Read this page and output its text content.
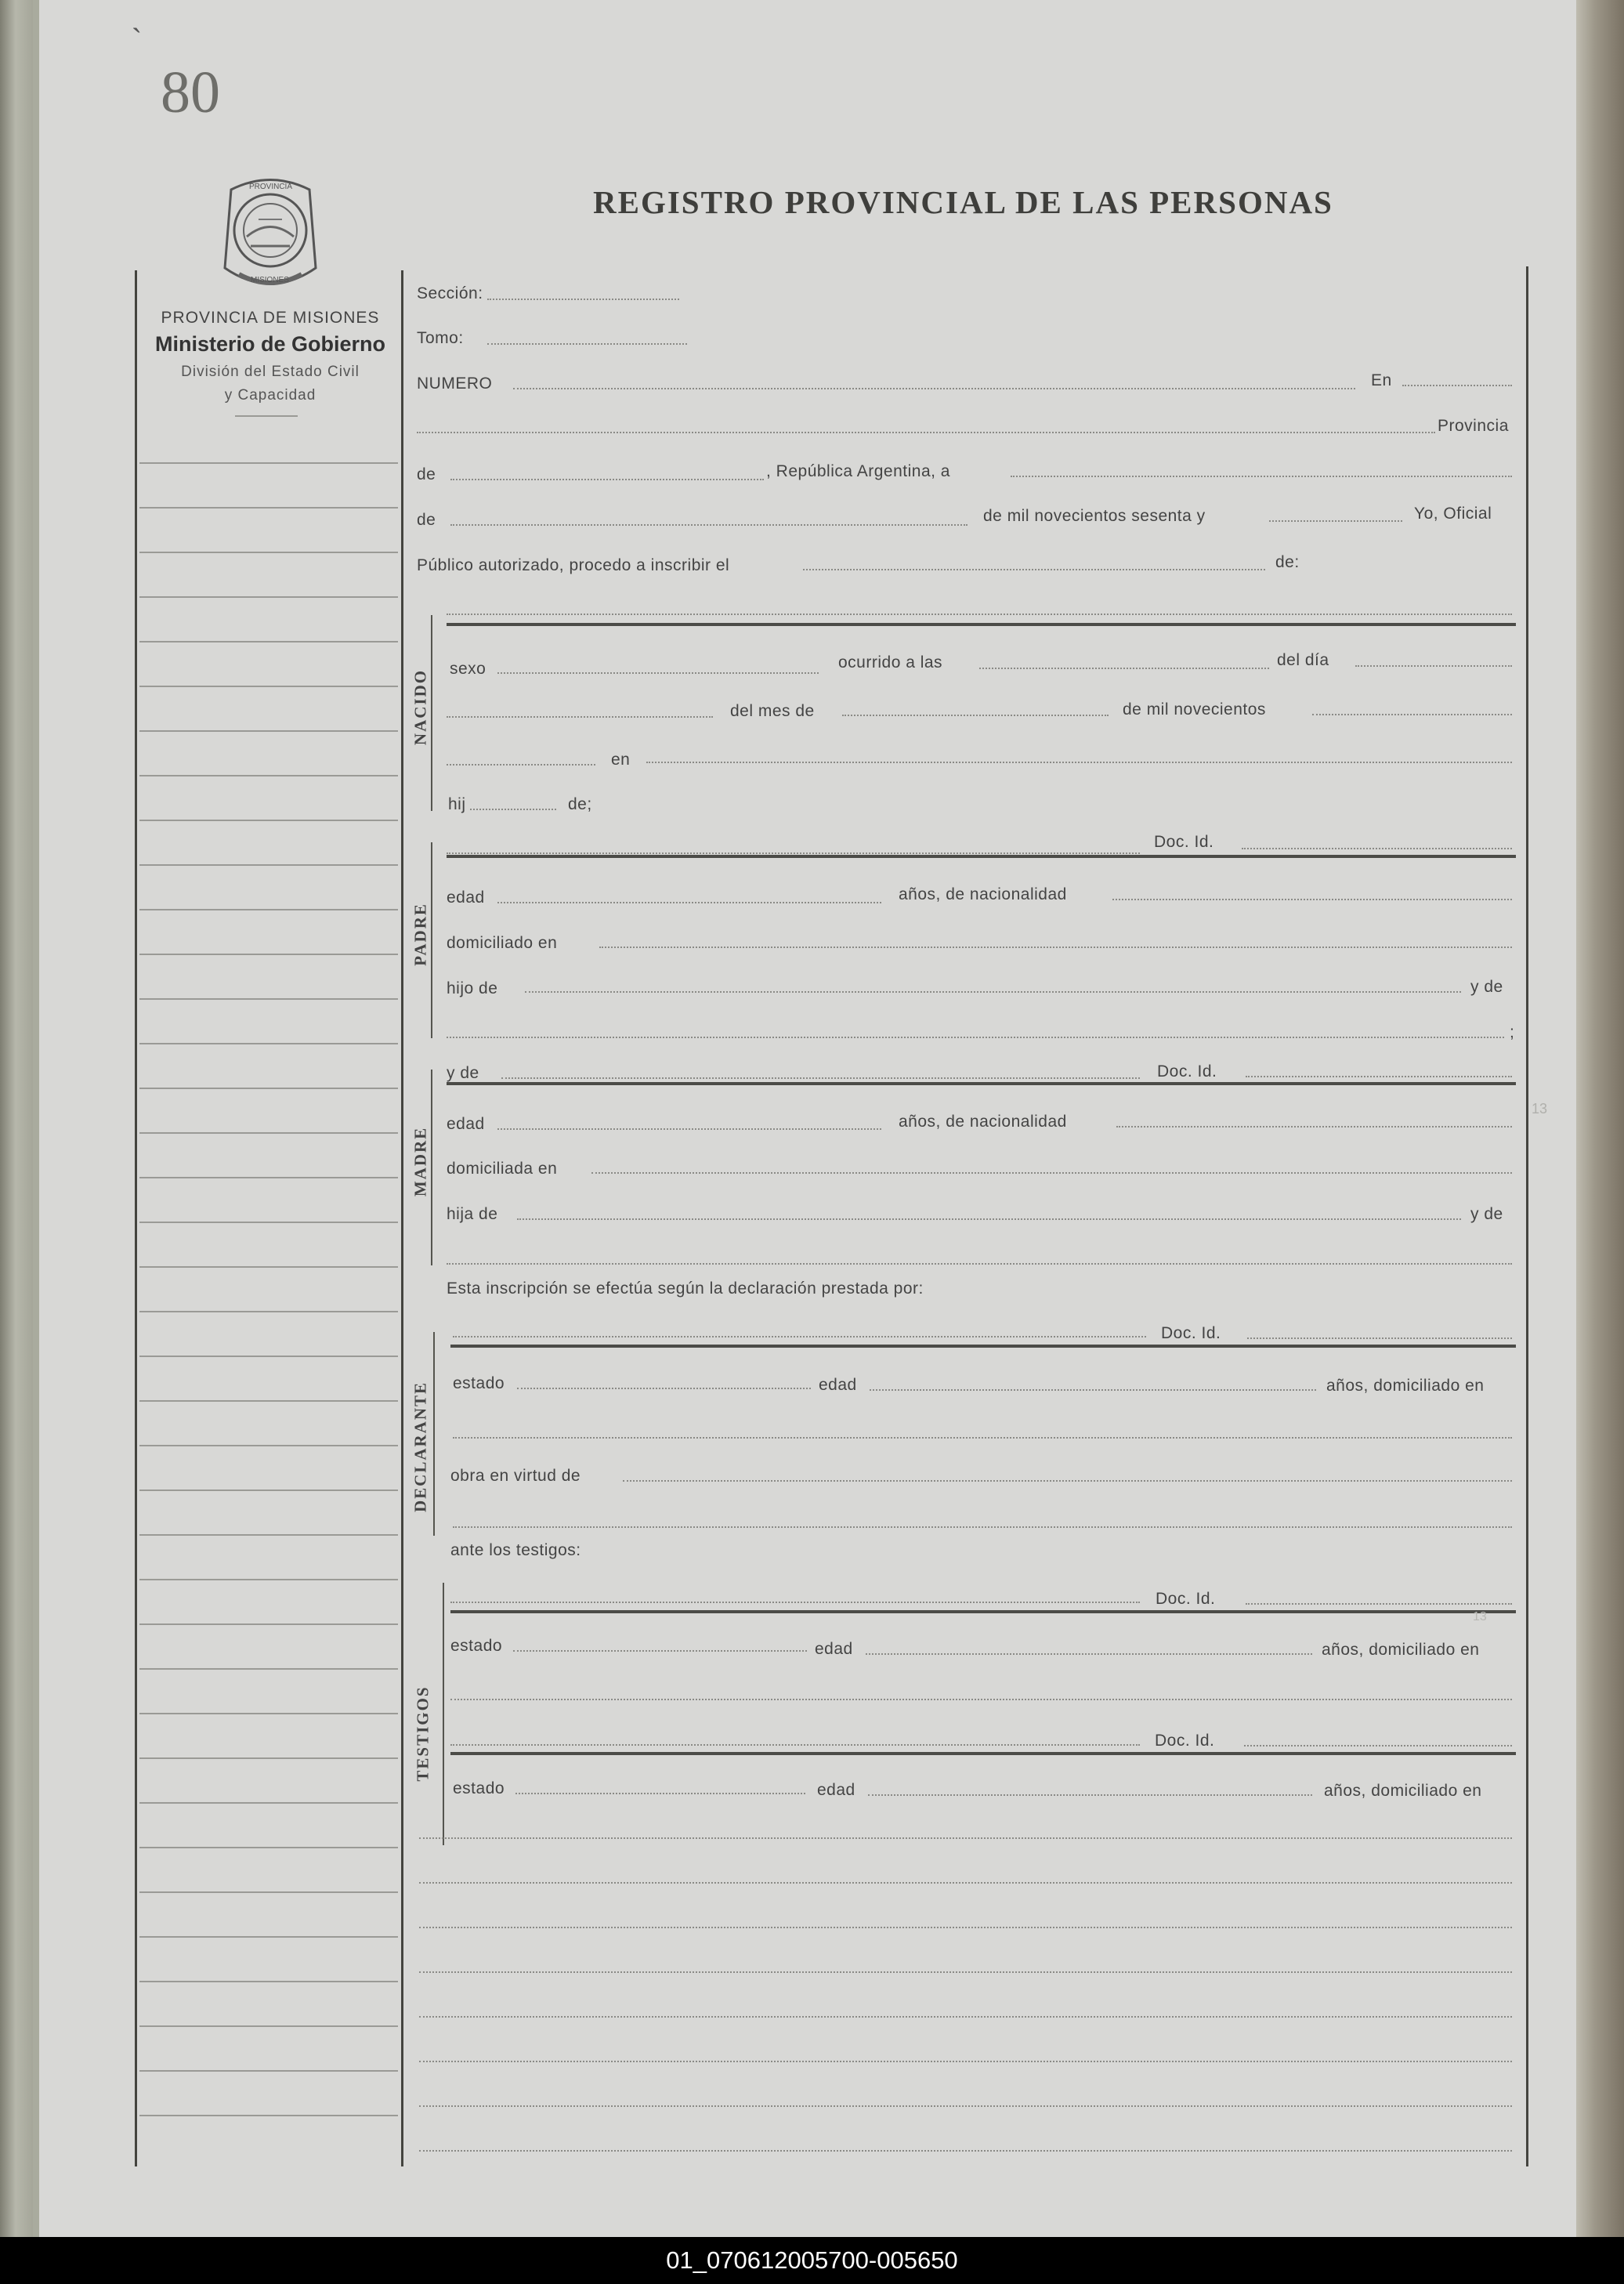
80
`
REGISTRO PROVINCIAL DE LAS PERSONAS
PROVINCIA
MISIONES
PROVINCIA DE MISIONES
Ministerio de Gobierno
División del Estado Civil
y Capacidad
Sección:
Tomo:
NUMERO	En
Provincia
de	, República Argentina, a
de	de mil novecientos sesenta y	Yo, Oficial
Público autorizado, procedo a inscribir el	de:
NACIDO
sexo	ocurrido a las	del día
del mes de	de mil novecientos
en
hij	de;
Doc. Id.
PADRE
edad	años, de nacionalidad
domiciliado en
hijo de	y de
;
y de	Doc. Id.
MADRE
edad	años, de nacionalidad
domiciliada en
hija de	y de
Esta inscripción se efectúa según la declaración prestada por:
Doc. Id.
DECLARANTE estado	edad	años, domiciliado en
obra en virtud de
ante los testigos:
Doc. Id.
TESTIGOS
estado	edad	años, domiciliado en
Doc. Id.
estado	edad	años, domiciliado en
13
13
01_070612005700-005650
